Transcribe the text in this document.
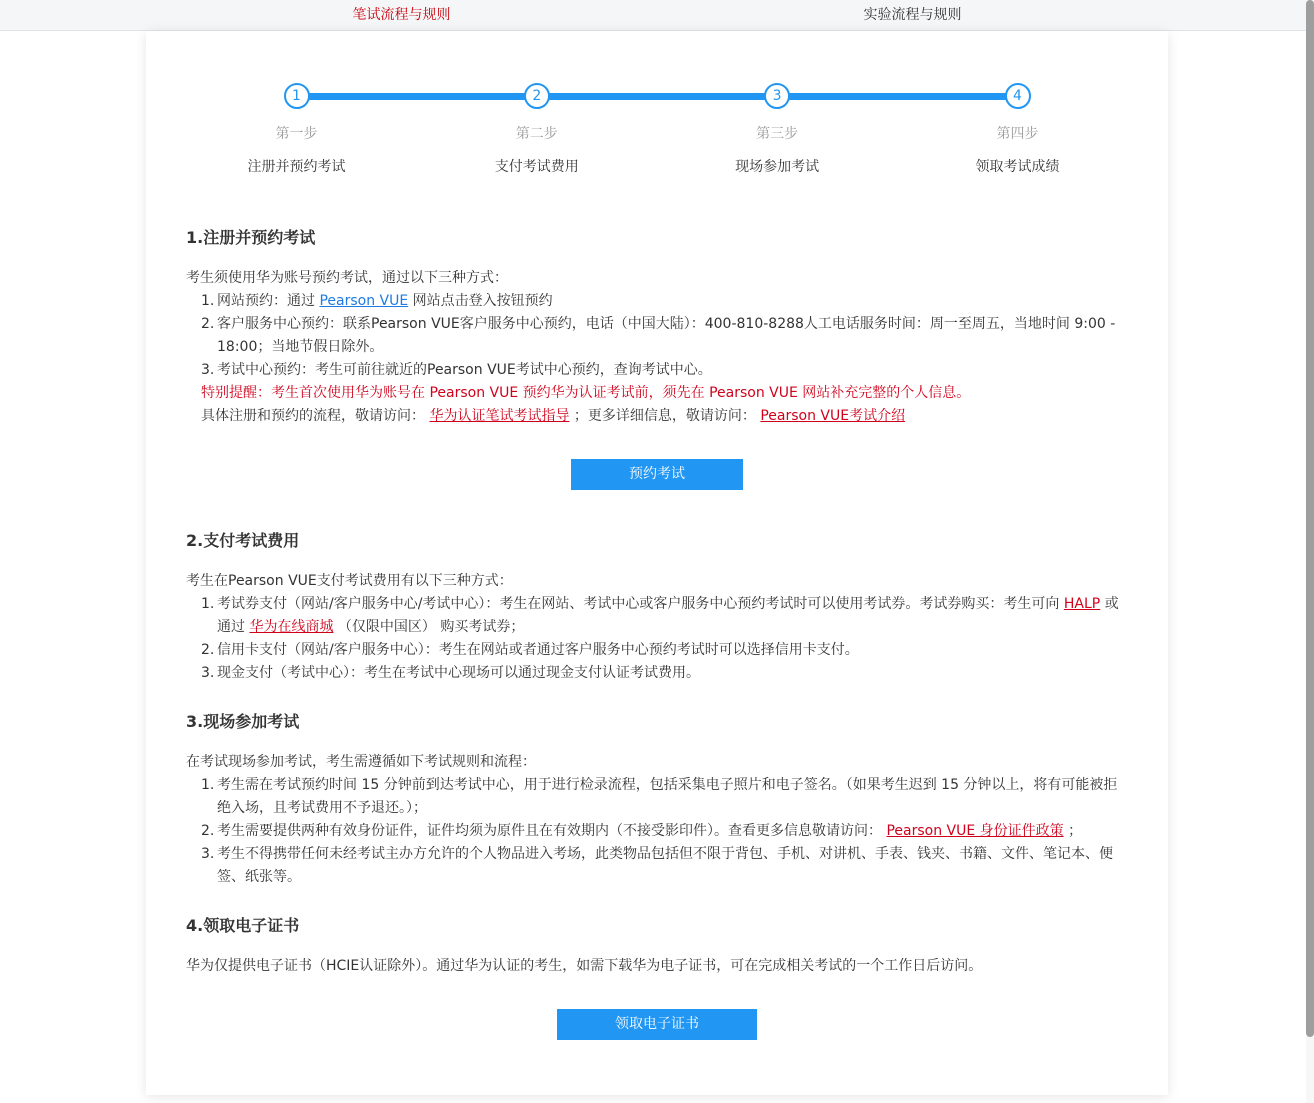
笔试流程与规则	实验流程与规则
1
第一步
注册并预约考试
2
第二步
支付考试费用
3
第三步
现场参加考试
4
第四步
领取考试成绩
1.注册并预约考试

考生须使用华为账号预约考试，通过以下三种方式：

1. 网站预约：通过 Pearson VUE 网站点击登入按钮预约
2. 客户服务中心预约：联系Pearson VUE客户服务中心预约，电话（中国大陆）：400-810-8288人工电话服务时间：周一至周五，当地时间 9:00 - 18:00；当地节假日除外。
3. 考试中心预约：考生可前往就近的Pearson VUE考试中心预约，查询考试中心。
特别提醒：考生首次使用华为账号在 Pearson VUE 预约华为认证考试前，须先在 Pearson VUE 网站补充完整的个人信息。
具体注册和预约的流程，敬请访问： 华为认证笔试考试指导 ；更多详细信息，敬请访问： Pearson VUE考试介绍
预约考试
2.支付考试费用

考生在Pearson VUE支付考试费用有以下三种方式：

1. 考试券支付（网站/客户服务中心/考试中心）：考生在网站、考试中心或客户服务中心预约考试时可以使用考试券。考试券购买：考生可向 HALP 或通过 华为在线商城 （仅限中国区） 购买考试券；
2. 信用卡支付（网站/客户服务中心）：考生在网站或者通过客户服务中心预约考试时可以选择信用卡支付。
3. 现金支付（考试中心）：考生在考试中心现场可以通过现金支付认证考试费用。
3.现场参加考试

在考试现场参加考试，考生需遵循如下考试规则和流程：

1. 考生需在考试预约时间 15 分钟前到达考试中心，用于进行检录流程，包括采集电子照片和电子签名。（如果考生迟到 15 分钟以上，将有可能被拒绝入场，且考试费用不予退还。）；
2. 考生需要提供两种有效身份证件，证件均须为原件且在有效期内（不接受影印件）。查看更多信息敬请访问： Pearson VUE 身份证件政策 ；
3. 考生不得携带任何未经考试主办方允许的个人物品进入考场，此类物品包括但不限于背包、手机、对讲机、手表、钱夹、书籍、文件、笔记本、便签、纸张等。
4.领取电子证书

华为仅提供电子证书（HCIE认证除外）。通过华为认证的考生，如需下载华为电子证书，可在完成相关考试的一个工作日后访问。

领取电子证书
